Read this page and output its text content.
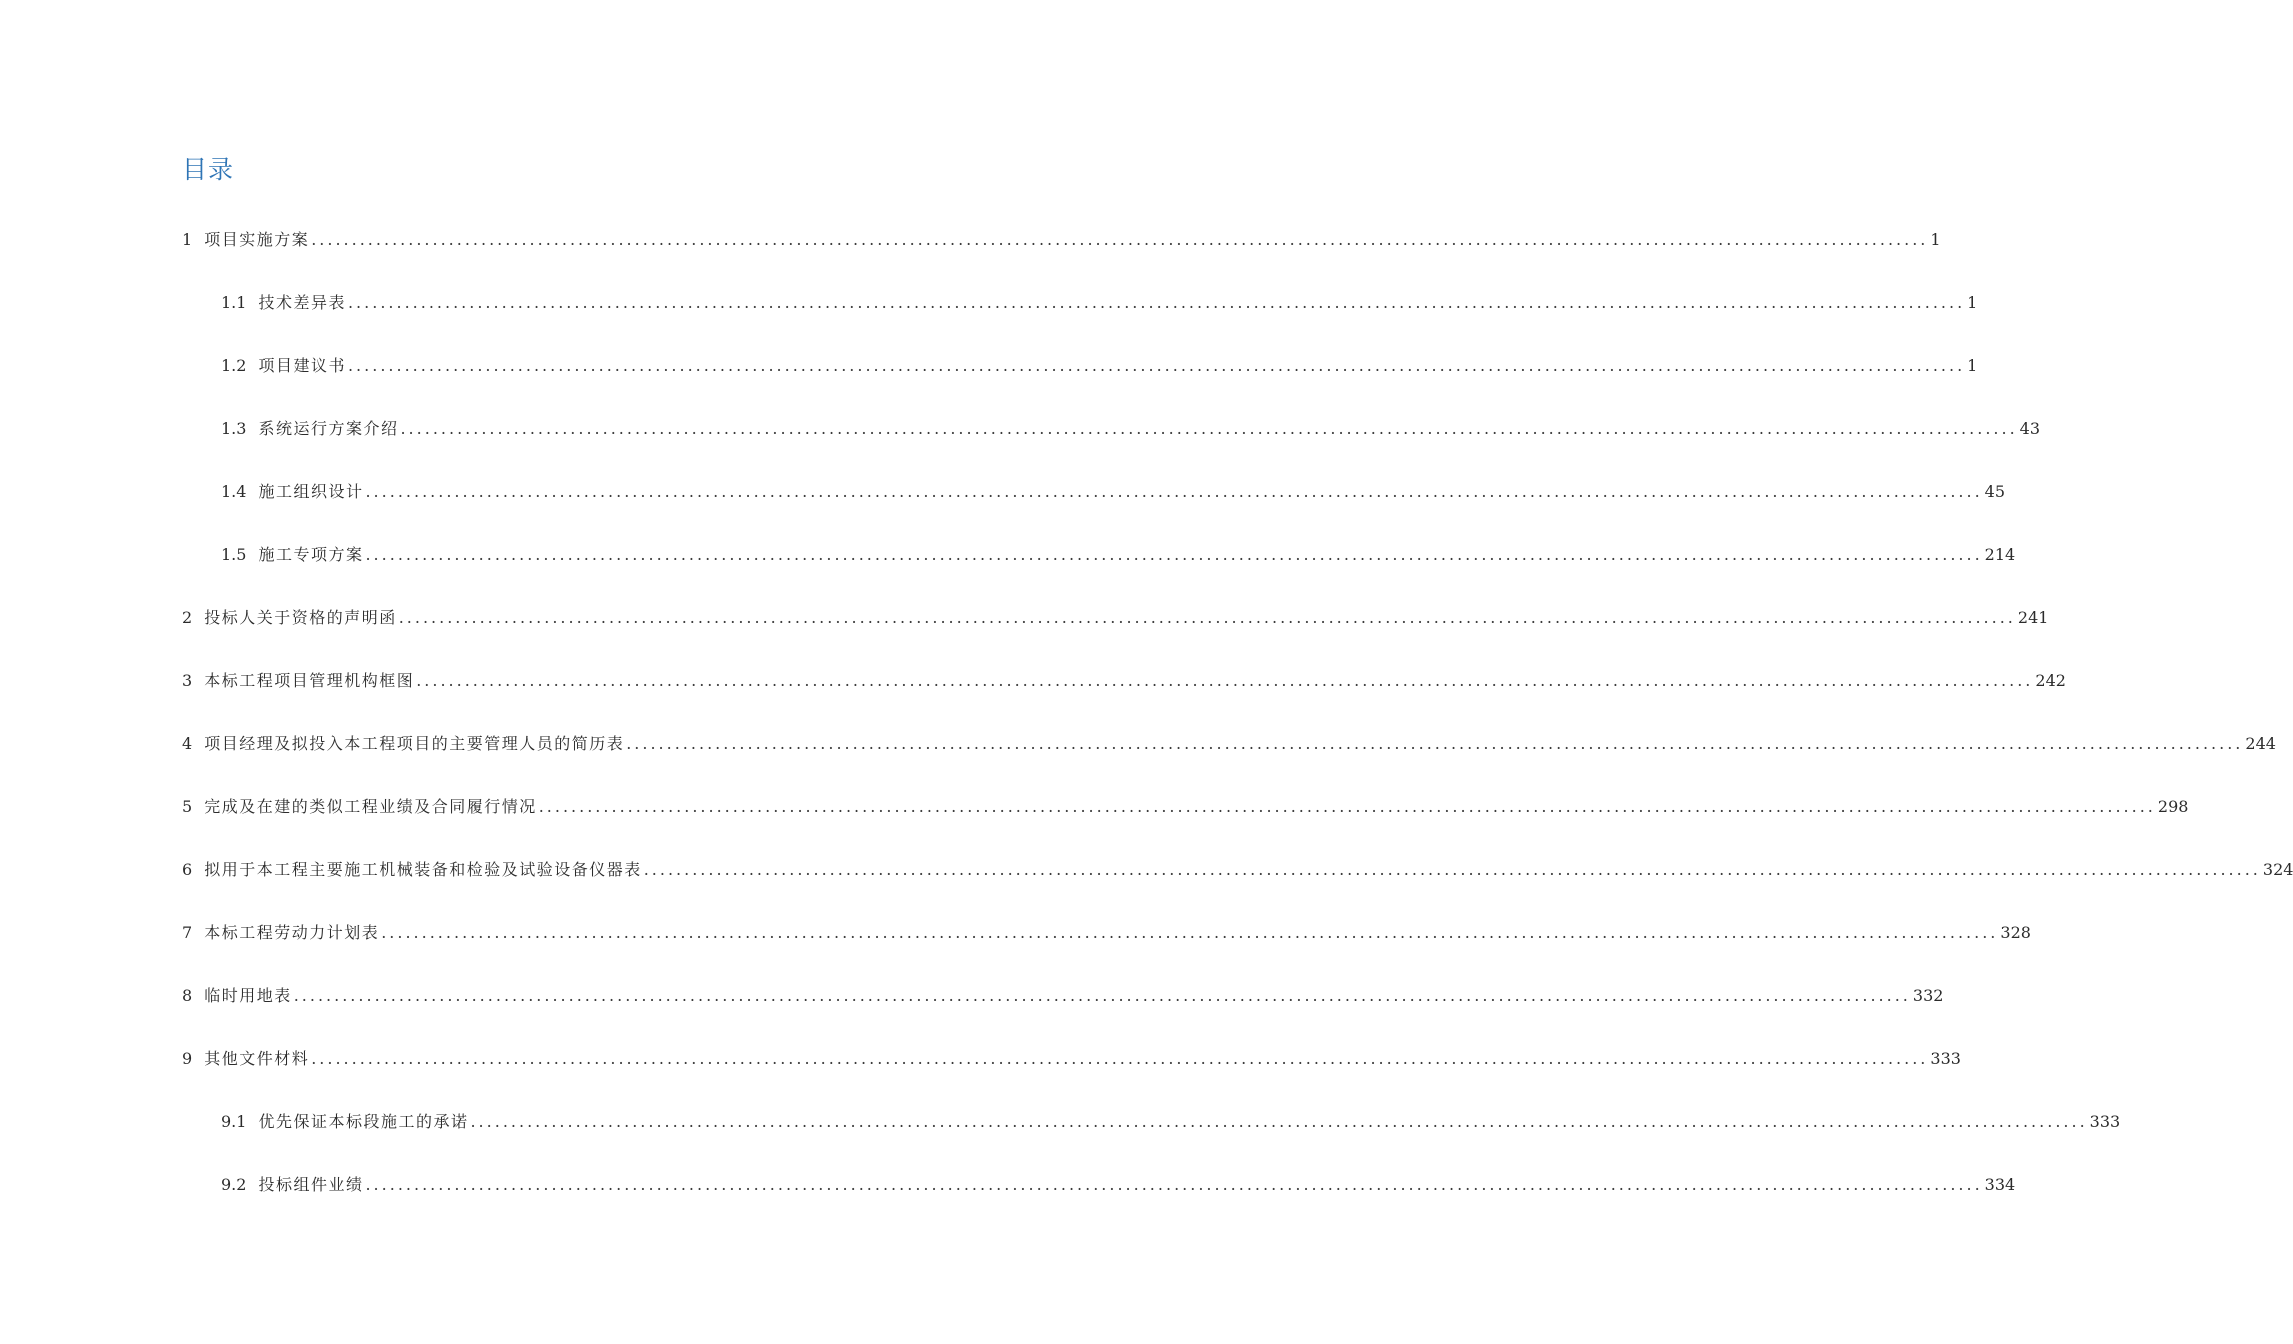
目录
1 项目实施方案 ........................................................................................................................................................................................................ 1
1.1 技术差异表 ........................................................................................................................................................................................................ 1
1.2 项目建议书 ........................................................................................................................................................................................................ 1
1.3 系统运行方案介绍 ........................................................................................................................................................................................................ 43
1.4 施工组织设计 ........................................................................................................................................................................................................ 45
1.5 施工专项方案 ........................................................................................................................................................................................................ 214
2 投标人关于资格的声明函 ........................................................................................................................................................................................................ 241
3 本标工程项目管理机构框图 ........................................................................................................................................................................................................ 242
4 项目经理及拟投入本工程项目的主要管理人员的简历表 ........................................................................................................................................................................................................ 244
5 完成及在建的类似工程业绩及合同履行情况 ........................................................................................................................................................................................................ 298
6 拟用于本工程主要施工机械装备和检验及试验设备仪器表 ........................................................................................................................................................................................................ 324
7 本标工程劳动力计划表 ........................................................................................................................................................................................................ 328
8 临时用地表 ........................................................................................................................................................................................................ 332
9 其他文件材料 ........................................................................................................................................................................................................ 333
9.1 优先保证本标段施工的承诺 ........................................................................................................................................................................................................ 333
9.2 投标组件业绩 ........................................................................................................................................................................................................ 334
